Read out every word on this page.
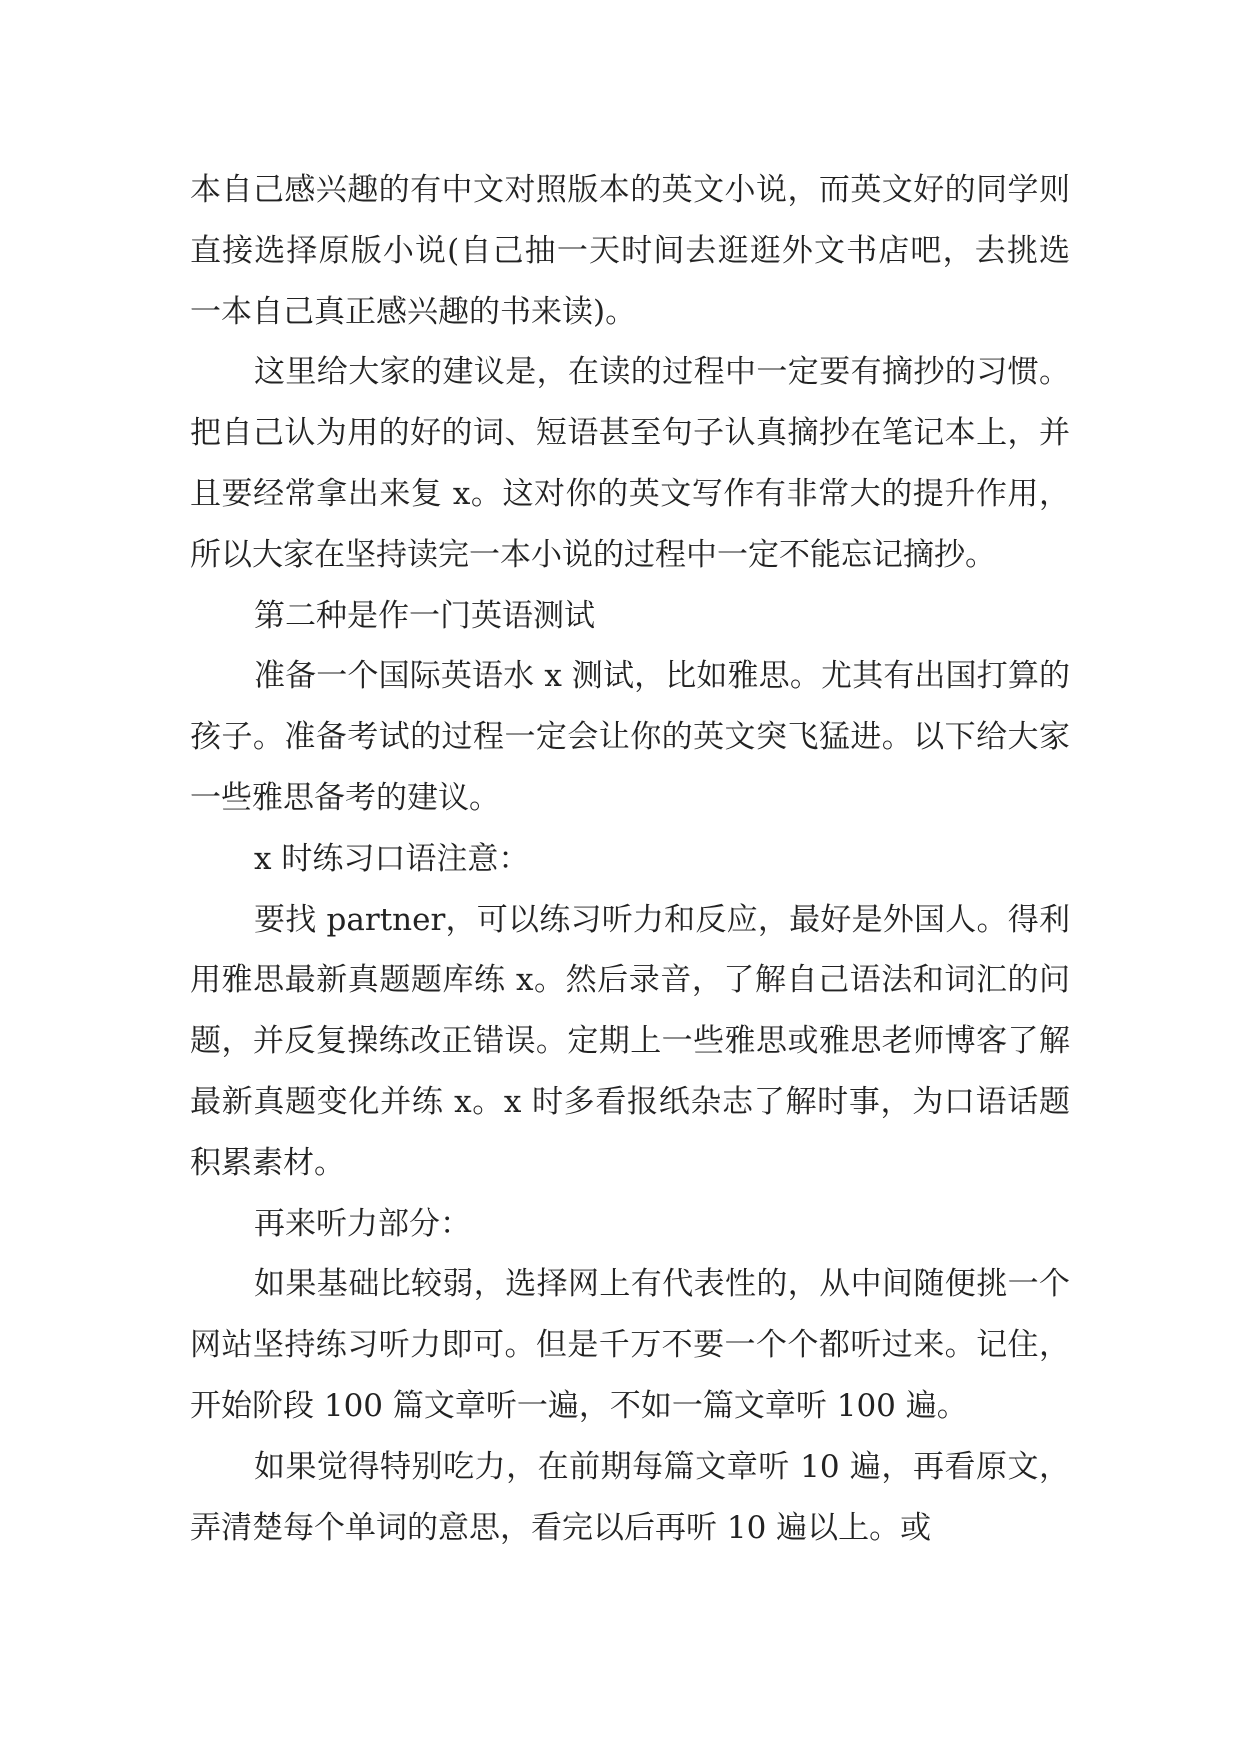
本自己感兴趣的有中文对照版本的英文小说，而英文好的同学则直接选择原版小说(自己抽一天时间去逛逛外文书店吧，去挑选一本自己真正感兴趣的书来读)。

这里给大家的建议是，在读的过程中一定要有摘抄的习惯。把自己认为用的好的词、短语甚至句子认真摘抄在笔记本上，并且要经常拿出来复 x。这对你的英文写作有非常大的提升作用，所以大家在坚持读完一本小说的过程中一定不能忘记摘抄。

第二种是作一门英语测试

准备一个国际英语水 x 测试，比如雅思。尤其有出国打算的孩子。准备考试的过程一定会让你的英文突飞猛进。以下给大家一些雅思备考的建议。

x 时练习口语注意：

要找 partner，可以练习听力和反应，最好是外国人。得利用雅思最新真题题库练 x。然后录音，了解自己语法和词汇的问题，并反复操练改正错误。定期上一些雅思或雅思老师博客了解最新真题变化并练 x。x 时多看报纸杂志了解时事，为口语话题积累素材。

再来听力部分：

如果基础比较弱，选择网上有代表性的，从中间随便挑一个网站坚持练习听力即可。但是千万不要一个个都听过来。记住，开始阶段 100 篇文章听一遍，不如一篇文章听 100 遍。

如果觉得特别吃力，在前期每篇文章听 10 遍，再看原文，弄清楚每个单词的意思，看完以后再听 10 遍以上。或
